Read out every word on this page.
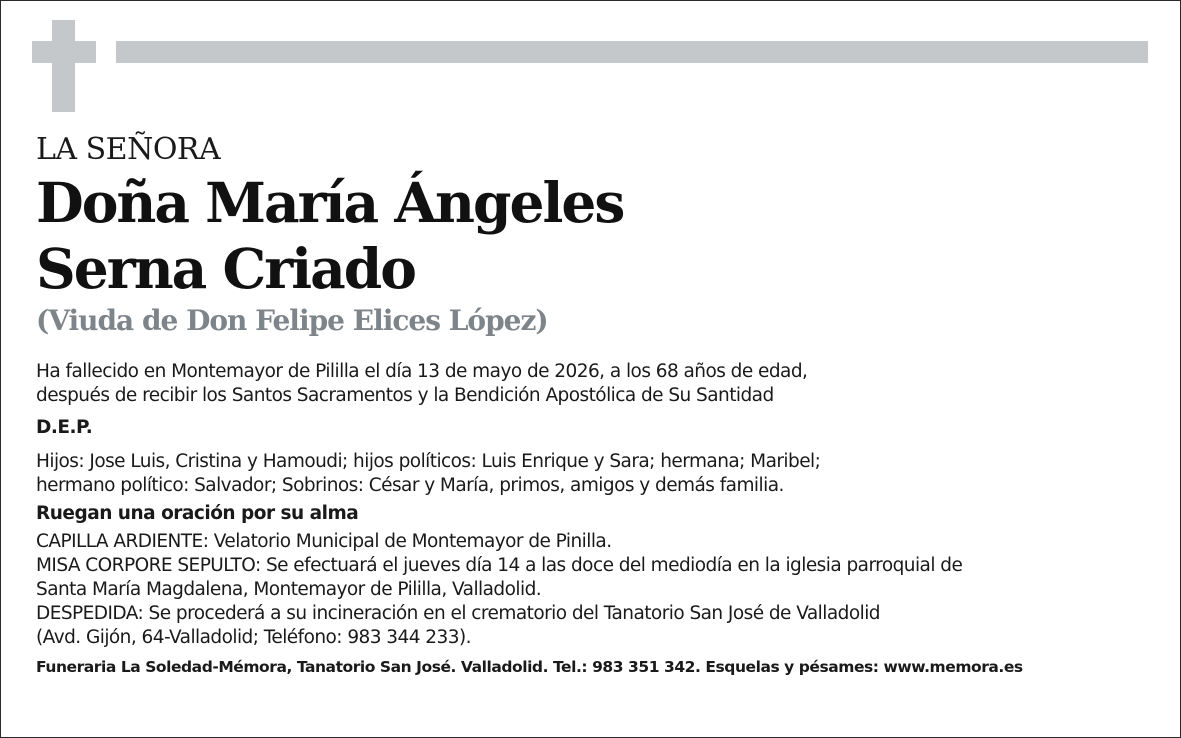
LA SEÑORA
Doña María Ángeles
Serna Criado
(Viuda de Don Felipe Elices López)
Ha fallecido en Montemayor de Pililla el día 13 de mayo de 2026, a los 68 años de edad,
después de recibir los Santos Sacramentos y la Bendición Apostólica de Su Santidad
D.E.P.
Hijos: Jose Luis, Cristina y Hamoudi; hijos políticos: Luis Enrique y Sara; hermana; Maribel;
hermano político: Salvador; Sobrinos: César y María, primos, amigos y demás familia.
Ruegan una oración por su alma
CAPILLA ARDIENTE: Velatorio Municipal de Montemayor de Pinilla.
MISA CORPORE SEPULTO: Se efectuará el jueves día 14 a las doce del mediodía en la iglesia parroquial de
Santa María Magdalena, Montemayor de Pililla, Valladolid.
DESPEDIDA: Se procederá a su incineración en el crematorio del Tanatorio San José de Valladolid
(Avd. Gijón, 64-Valladolid; Teléfono: 983 344 233).
Funeraria La Soledad-Mémora, Tanatorio San José. Valladolid. Tel.: 983 351 342. Esquelas y pésames: www.memora.es
